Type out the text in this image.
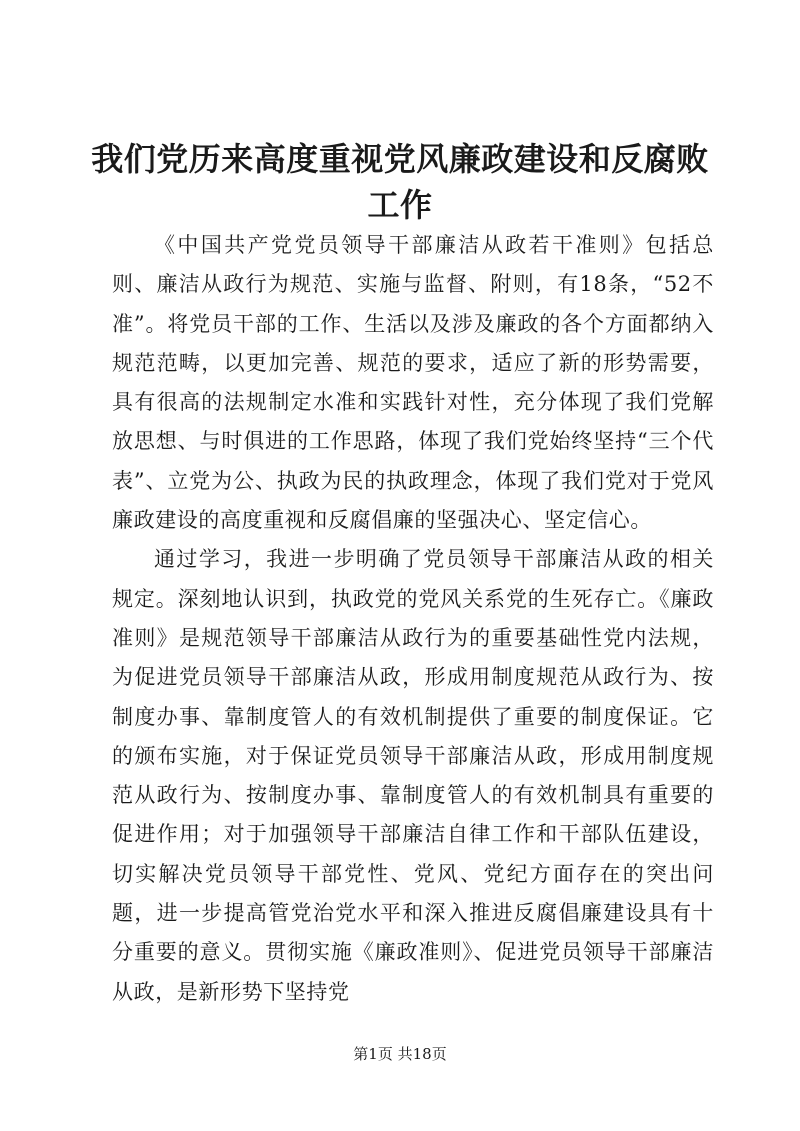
我们党历来高度重视党风廉政建设和反腐败工作

《中国共产党党员领导干部廉洁从政若干准则》包括总则、廉洁从政行为规范、实施与监督、附则，有18条，“52不准”。将党员干部的工作、生活以及涉及廉政的各个方面都纳入规范范畴，以更加完善、规范的要求，适应了新的形势需要，具有很高的法规制定水准和实践针对性，充分体现了我们党解放思想、与时俱进的工作思路，体现了我们党始终坚持“三个代表”、立党为公、执政为民的执政理念，体现了我们党对于党风廉政建设的高度重视和反腐倡廉的坚强决心、坚定信心。

通过学习，我进一步明确了党员领导干部廉洁从政的相关规定。深刻地认识到，执政党的党风关系党的生死存亡。《廉政准则》是规范领导干部廉洁从政行为的重要基础性党内法规，为促进党员领导干部廉洁从政，形成用制度规范从政行为、按制度办事、靠制度管人的有效机制提供了重要的制度保证。它的颁布实施，对于保证党员领导干部廉洁从政，形成用制度规范从政行为、按制度办事、靠制度管人的有效机制具有重要的促进作用；对于加强领导干部廉洁自律工作和干部队伍建设，切实解决党员领导干部党性、党风、党纪方面存在的突出问题，进一步提高管党治党水平和深入推进反腐倡廉建设具有十分重要的意义。贯彻实施《廉政准则》、促进党员领导干部廉洁从政，是新形势下坚持党

第1页 共18页
